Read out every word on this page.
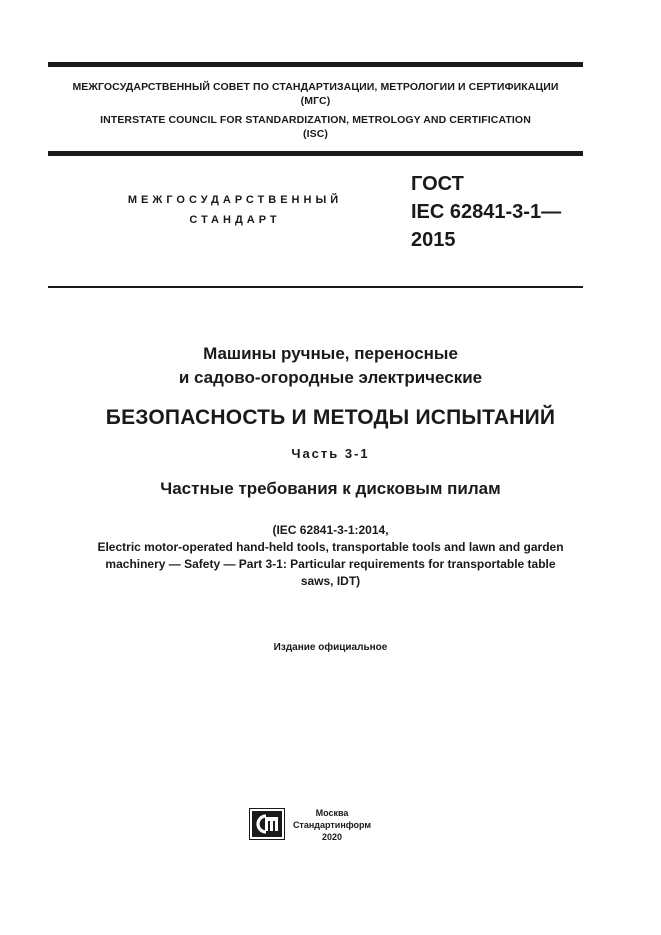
МЕЖГОСУДАРСТВЕННЫЙ СОВЕТ ПО СТАНДАРТИЗАЦИИ, МЕТРОЛОГИИ И СЕРТИФИКАЦИИ
(МГС)
INTERSTATE COUNCIL FOR STANDARDIZATION, METROLOGY AND CERTIFICATION
(ISC)
МЕЖГОСУДАРСТВЕННЫЙ
СТАНДАРТ
ГОСТ
IEC 62841-3-1—
2015
Машины ручные, переносные
и садово-огородные электрические
БЕЗОПАСНОСТЬ И МЕТОДЫ ИСПЫТАНИЙ
Часть 3-1
Частные требования к дисковым пилам
(IEC 62841-3-1:2014,
Electric motor-operated hand-held tools, transportable tools and lawn and garden
machinery — Safety — Part 3-1: Particular requirements for transportable table
saws, IDT)
Издание официальное
Москва
Стандартинформ
2020
